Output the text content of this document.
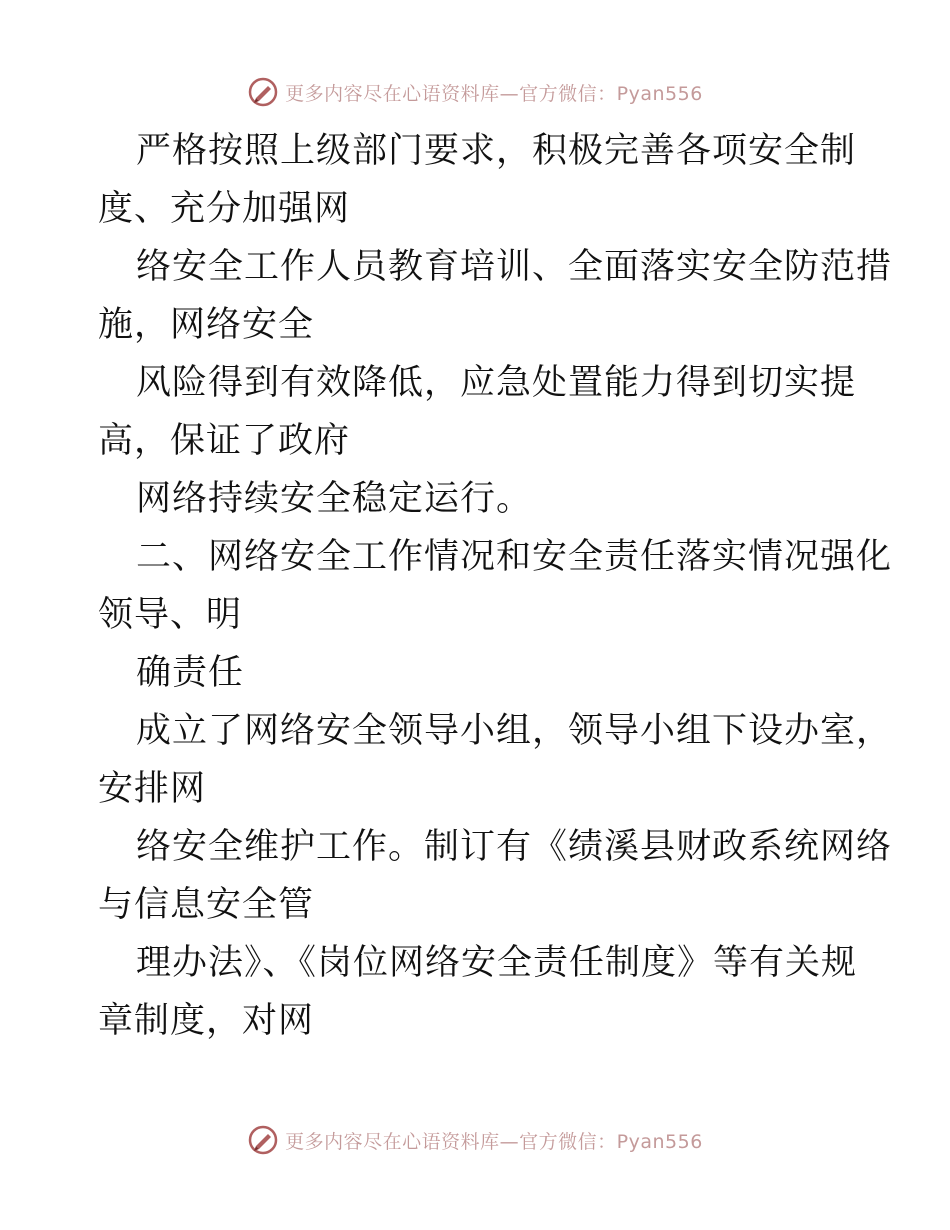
更多内容尽在心语资料库—官方微信：Pyan556
严格按照上级部门要求，积极完善各项安全制
度、充分加强网
络安全工作人员教育培训、全面落实安全防范措
施，网络安全
风险得到有效降低，应急处置能力得到切实提
高，保证了政府
网络持续安全稳定运行。
二、网络安全工作情况和安全责任落实情况强化
领导、明
确责任
成立了网络安全领导小组，领导小组下设办室，
安排网
络安全维护工作。制订有《绩溪县财政系统网络
与信息安全管
理办法》、《岗位网络安全责任制度》等有关规
章制度，对网
更多内容尽在心语资料库—官方微信：Pyan556
